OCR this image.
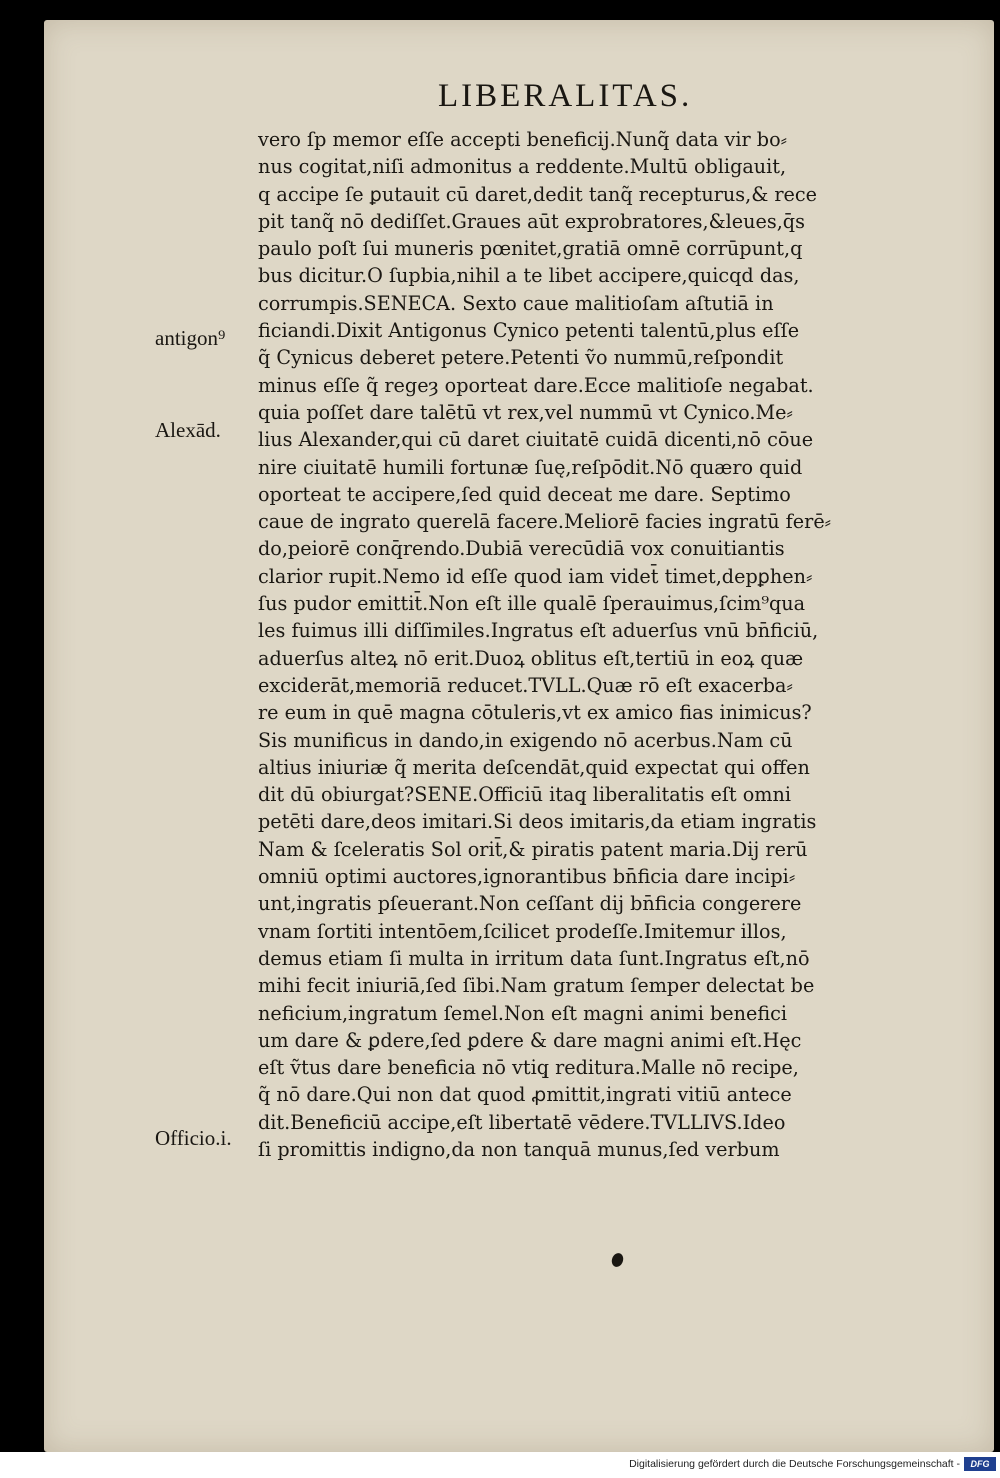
LIBERALITAS.
antigon⁹
Alexād.
Officio.i.
vero ſp memor eſſe accepti beneficij.Nunq̃ data vir bo⸗
nus cogitat,niſi admonitus a reddente.Multū obligauit,
q accipe ſe ꝑutauit cū daret,dedit tanq̃ recepturus,& rece
pit tanq̃ nō dediſſet.Graues aūt exprobratores,&leues,q̄s
paulo poſt ſui muneris pœnitet,gratiā omnē corrūpunt,q
bus dicitur.O ſupbia,nihil a te libet accipere,quicqd das,
corrumpis.SENECA. Sexto caue malitioſam aſtutiā in
ficiandi.Dixit Antigonus Cynico petenti talentū,plus eſſe
q̃ Cynicus deberet petere.Petenti ṽo nummū,reſpondit
minus eſſe q̃ regeȝ oporteat dare.Ecce malitioſe negabat.
quia poſſet dare talētū vt rex,vel nummū vt Cynico.Me⸗
lius Alexander,qui cū daret ciuitatē cuidā dicenti,nō cōue
nire ciuitatē humili fortunæ ſuę,reſpōdit.Nō quæro quid
oporteat te accipere,ſed quid deceat me dare. Septimo
caue de ingrato querelā facere.Meliorē facies ingratū ferē⸗
do,peiorē conq̄rendo.Dubiā verecūdiā vox conuitiantis
clarior rupit.Nemo id eſſe quod iam videt̄ timet,depꝑhen⸗
ſus pudor emittit̄.Non eſt ille qualē ſperauimus,ſcim⁹qua
les fuimus illi diſſimiles.Ingratus eſt aduerſus vnū bn̄ficiū,
aduerſus alteꝝ nō erit.Duoꝝ oblitus eſt,tertiū in eoꝝ quæ
exciderāt,memoriā reducet.TVLL.Quæ rō eſt exacerba⸗
re eum in quē magna cōtuleris,vt ex amico fias inimicus?
Sis munificus in dando,in exigendo nō acerbus.Nam cū
altius iniuriæ q̃ merita deſcendāt,quid expectat qui offen
dit dū obiurgat?SENE.Officiū itaq̧ liberalitatis eſt omni
petēti dare,deos imitari.Si deos imitaris,da etiam ingratis
Nam & ſceleratis Sol orit̄,& piratis patent maria.Dij rerū
omniū optimi auctores,ignorantibus bn̄ficia dare incipi⸗
unt,ingratis pſeuerant.Non ceſſant dij bn̄ficia congerere
vnam ſortiti intentōem,ſcilicet prodeſſe.Imitemur illos,
demus etiam ſi multa in irritum data ſunt.Ingratus eſt,nō
mihi fecit iniuriā,ſed ſibi.Nam gratum ſemper delectat be
neficium,ingratum ſemel.Non eſt magni animi benefici
um dare & ꝑdere,ſed ꝑdere & dare magni animi eſt.Hęc
eſt ṽtus dare beneficia nō vtiq̧ reditura.Malle nō recipe,
q̃ nō dare.Qui non dat quod ꝓmittit,ingrati vitiū antece
dit.Beneficiū accipe,eſt libertatē vēdere.TVLLIVS.Ideo
ſi promittis indigno,da non tanquā munus,ſed verbum
Digitalisierung gefördert durch die Deutsche Forschungsgemeinschaft -	DFG
